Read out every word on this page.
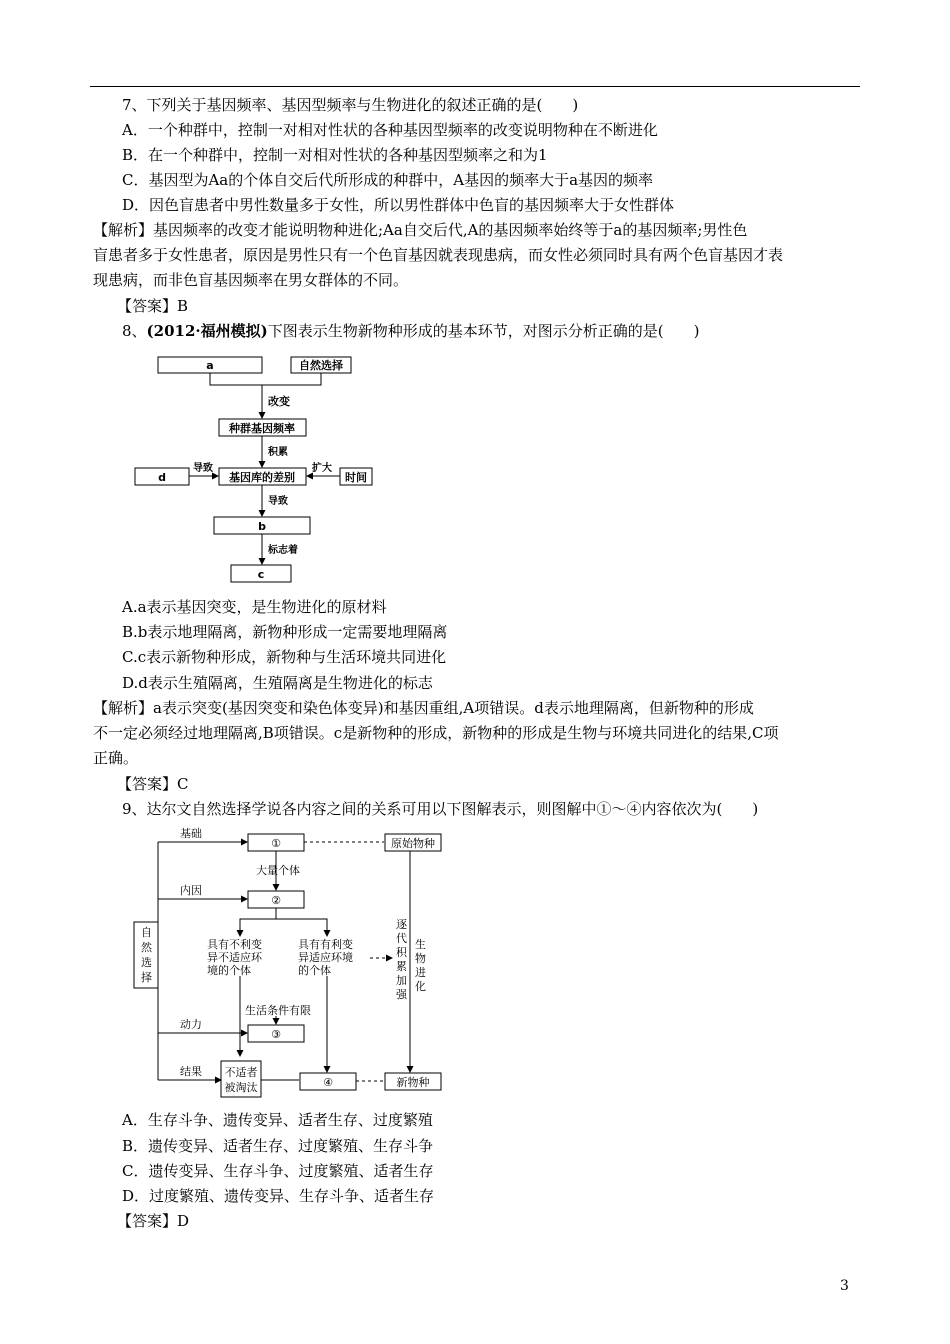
7、下列关于基因频率、基因型频率与生物进化的叙述正确的是(　　)
A．一个种群中，控制一对相对性状的各种基因型频率的改变说明物种在不断进化
B．在一个种群中，控制一对相对性状的各种基因型频率之和为1
C．基因型为Aa的个体自交后代所形成的种群中，A基因的频率大于a基因的频率
D．因色盲患者中男性数量多于女性，所以男性群体中色盲的基因频率大于女性群体
【解析】基因频率的改变才能说明物种进化;Aa自交后代,A的基因频率始终等于a的基因频率;男性色
盲患者多于女性患者，原因是男性只有一个色盲基因就表现患病，而女性必须同时具有两个色盲基因才表
现患病，而非色盲基因频率在男女群体的不同。
【答案】B
8、(2012·福州模拟)下图表示生物新物种形成的基本环节，对图示分析正确的是(　　)
a	自然选择
改变
种群基因频率
积累
d
导致
基因库的差别
扩大
时间
导致
b
标志着
c
A.a表示基因突变，是生物进化的原材料
B.b表示地理隔离，新物种形成一定需要地理隔离
C.c表示新物种形成，新物种与生活环境共同进化
D.d表示生殖隔离，生殖隔离是生物进化的标志
【解析】a表示突变(基因突变和染色体变异)和基因重组,A项错误。d表示地理隔离，但新物种的形成
不一定必须经过地理隔离,B项错误。c是新物种的形成，新物种的形成是生物与环境共同进化的结果,C项
正确。
【答案】C
9、达尔文自然选择学说各内容之间的关系可用以下图解表示，则图解中①～④内容依次为(　　)
基础
①	原始物种
大量个体
内因
②
具有不利变
异不适应环
境的个体
具有有利变
异适应环境
的个体
逐
代
积
累
加
强
生
物
进
化
自
然
选
择
生活条件有限
动力
③
结果 不适者
被淘汰	④	新物种
A．生存斗争、遗传变异、适者生存、过度繁殖
B．遗传变异、适者生存、过度繁殖、生存斗争
C．遗传变异、生存斗争、过度繁殖、适者生存
D．过度繁殖、遗传变异、生存斗争、适者生存
【答案】D
3
